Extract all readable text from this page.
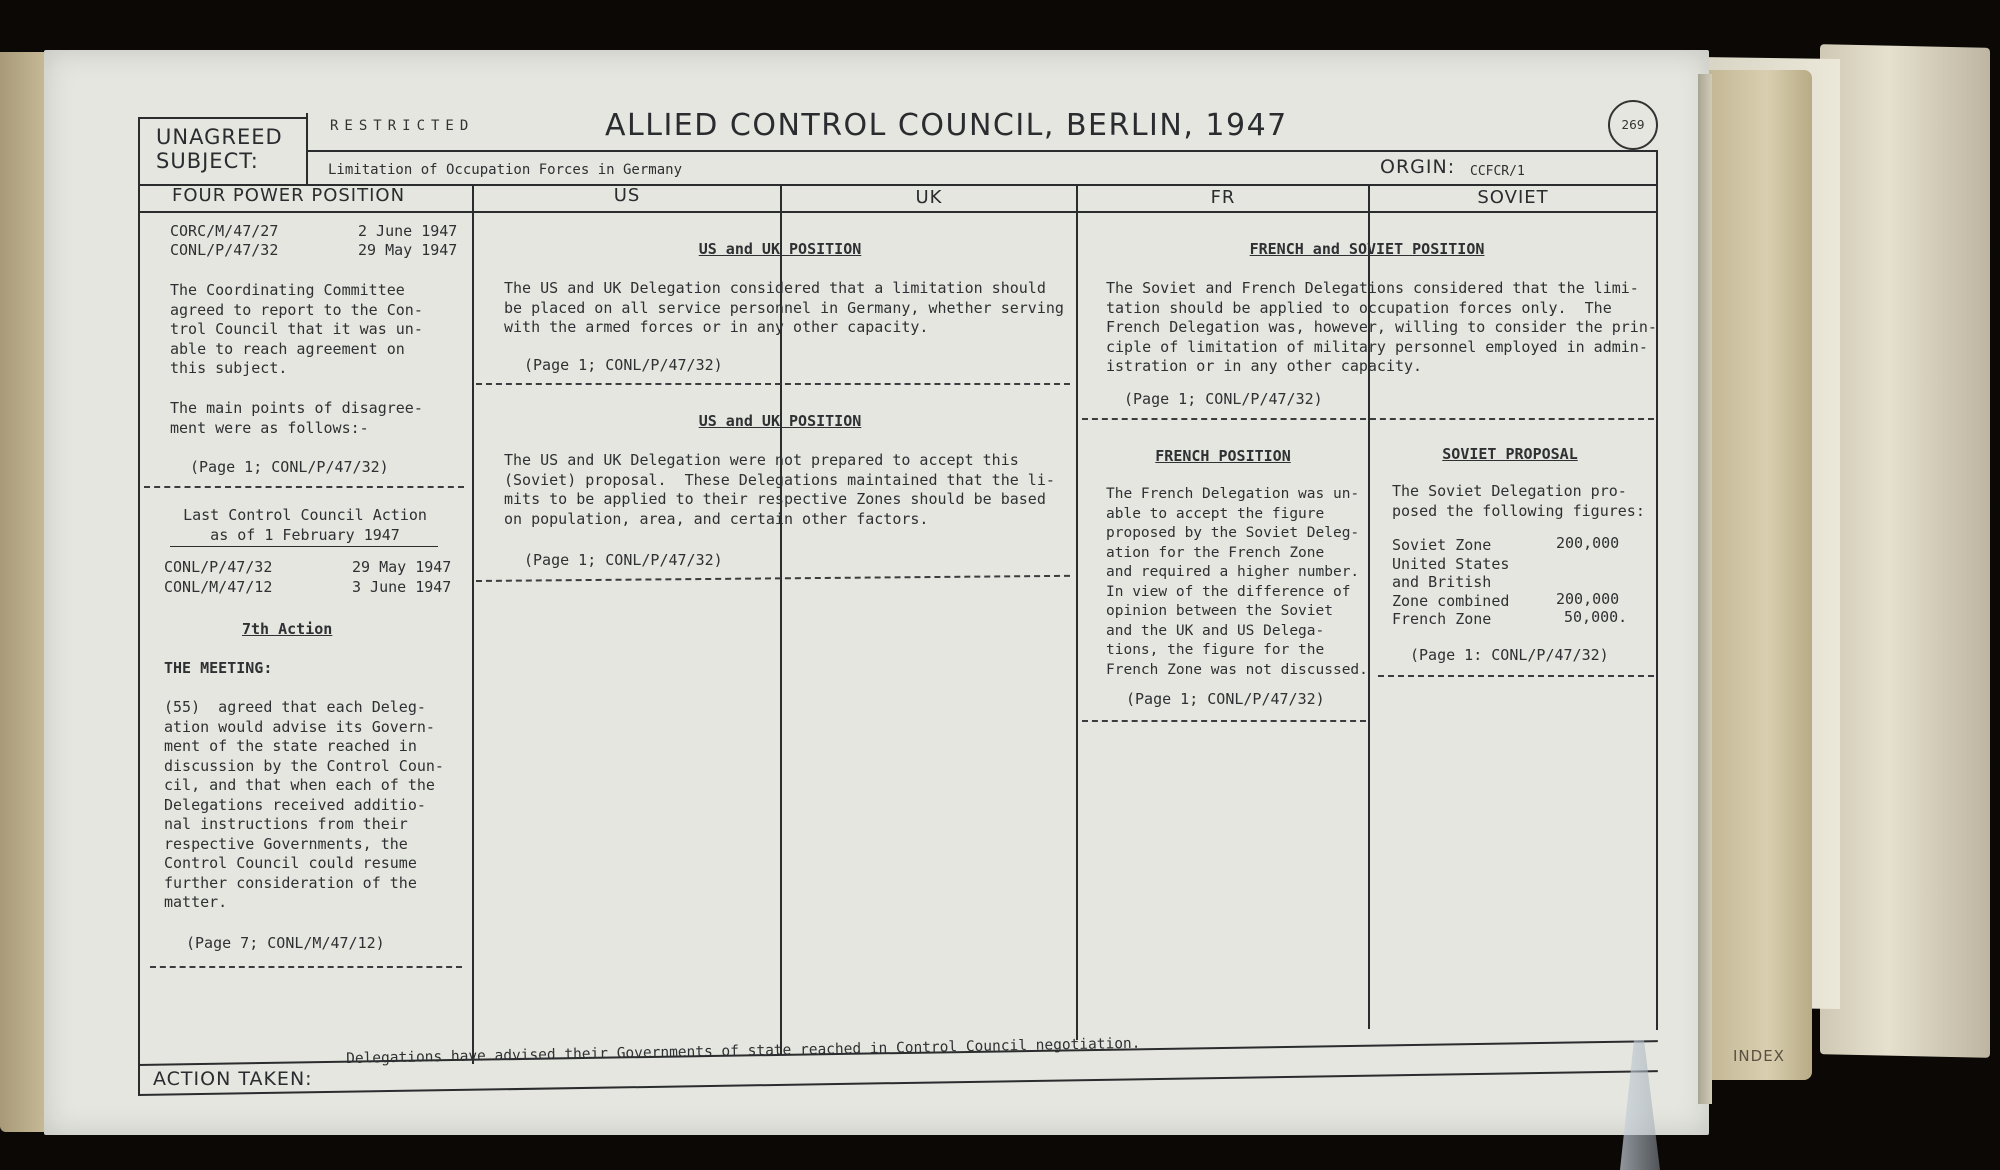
INDEX
UNAGREED
SUBJECT:
RESTRICTED	ALLIED CONTROL COUNCIL, BERLIN, 1947	269
Limitation of Occupation Forces in Germany	ORGIN: CCFCR/1
FOUR POWER POSITION	US	UK	FR	SOVIET
CORC/M/47/27	2 June 1947
CONL/P/47/32	29 May 1947
The Coordinating Committee
agreed to report to the Con-
trol Council that it was un-
able to reach agreement on
this subject.
The main points of disagree-
ment were as follows:-
(Page 1; CONL/P/47/32)
Last Control Council Action
as of 1 February 1947
CONL/P/47/32	29 May 1947
CONL/M/47/12	3 June 1947
7th Action
THE MEETING:
(55)  agreed that each Deleg-
ation would advise its Govern-
ment of the state reached in
discussion by the Control Coun-
cil, and that when each of the
Delegations received additio-
nal instructions from their
respective Governments, the
Control Council could resume
further consideration of the
matter.
(Page 7; CONL/M/47/12)
US and UK POSITION
The US and UK Delegation considered that a limitation should
be placed on all service personnel in Germany, whether serving
with the armed forces or in any other capacity.
(Page 1; CONL/P/47/32)
US and UK POSITION
The US and UK Delegation were not prepared to accept this
(Soviet) proposal.  These Delegations maintained that the li-
mits to be applied to their respective Zones should be based
on population, area, and certain other factors.
(Page 1; CONL/P/47/32)
FRENCH and SOVIET POSITION
The Soviet and French Delegations considered that the limi-
tation should be applied to occupation forces only.  The
French Delegation was, however, willing to consider the prin-
ciple of limitation of military personnel employed in admin-
istration or in any other capacity.
(Page 1; CONL/P/47/32)
FRENCH POSITION
The French Delegation was un-
able to accept the figure
proposed by the Soviet Deleg-
ation for the French Zone
and required a higher number.
In view of the difference of
opinion between the Soviet
and the UK and US Delega-
tions, the figure for the
French Zone was not discussed.
(Page 1; CONL/P/47/32)
SOVIET PROPOSAL
The Soviet Delegation pro-
posed the following figures:
Soviet Zone	200,000
United States
and British
Zone combined	200,000
French Zone	50,000.
(Page 1: CONL/P/47/32)
ACTION TAKEN:
Delegations have advised their Governments of state reached in Control Council negotiation.
